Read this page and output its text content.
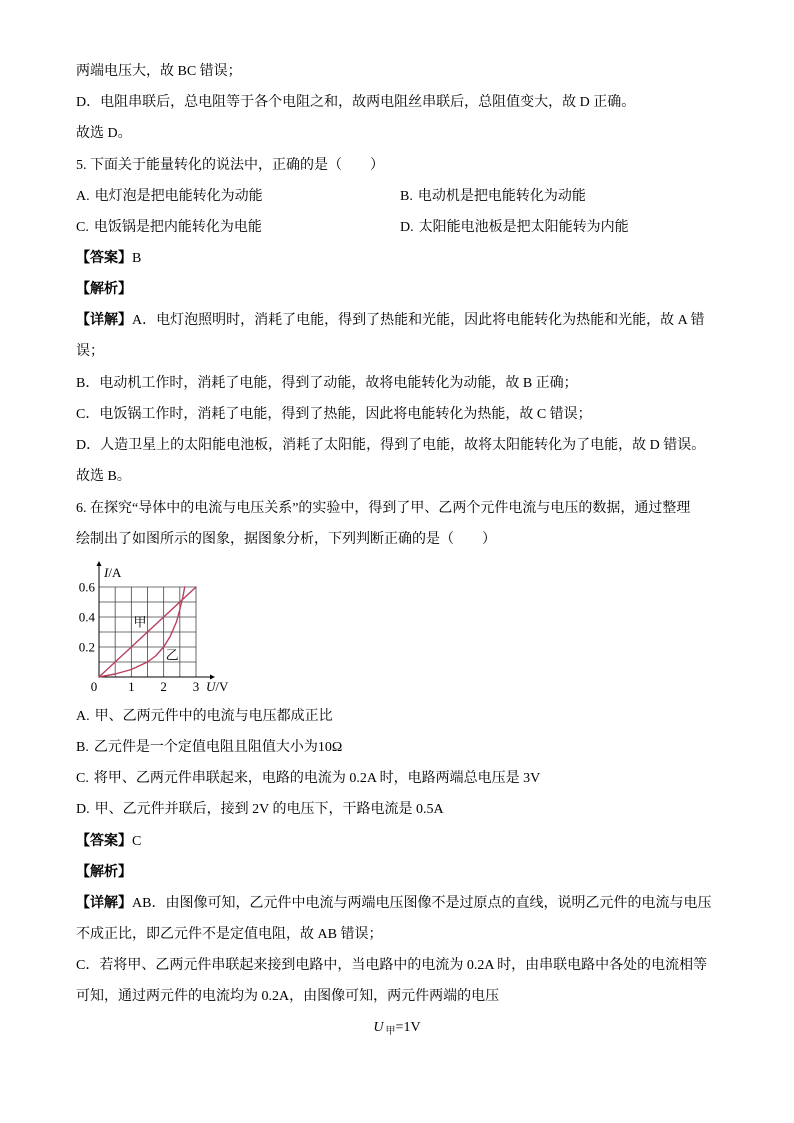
两端电压大，故 BC 错误；
D．电阻串联后，总电阻等于各个电阻之和，故两电阻丝串联后，总阻值变大，故 D 正确。
故选 D。
5. 下面关于能量转化的说法中，正确的是（　　）
A. 电灯泡是把电能转化为动能	B. 电动机是把电能转化为动能
C. 电饭锅是把内能转化为电能	D. 太阳能电池板是把太阳能转为内能
【答案】B
【解析】
【详解】A．电灯泡照明时，消耗了电能，得到了热能和光能，因此将电能转化为热能和光能，故 A 错
误；
B．电动机工作时，消耗了电能，得到了动能，故将电能转化为动能，故 B 正确；
C．电饭锅工作时，消耗了电能，得到了热能，因此将电能转化为热能，故 C 错误；
D．人造卫星上的太阳能电池板，消耗了太阳能，得到了电能，故将太阳能转化为了电能，故 D 错误。
故选 B。
6. 在探究“导体中的电流与电压关系”的实验中，得到了甲、乙两个元件电流与电压的数据，通过整理
绘制出了如图所示的图象，据图象分析，下列判断正确的是（　　）
甲
乙
1 2 3
0.2
0.4
0.6
0
I/A
U/V
A. 甲、乙两元件中的电流与电压都成正比
B. 乙元件是一个定值电阻且阻值大小为10Ω
C. 将甲、乙两元件串联起来，电路的电流为 0.2A 时，电路两端总电压是 3V
D. 甲、乙元件并联后，接到 2V 的电压下，干路电流是 0.5A
【答案】C
【解析】
【详解】AB．由图像可知，乙元件中电流与两端电压图像不是过原点的直线，说明乙元件的电流与电压
不成正比，即乙元件不是定值电阻，故 AB 错误；
C．若将甲、乙两元件串联起来接到电路中，当电路中的电流为 0.2A 时，由串联电路中各处的电流相等
可知，通过两元件的电流均为 0.2A，由图像可知，两元件两端的电压
U $_甲$=1V
